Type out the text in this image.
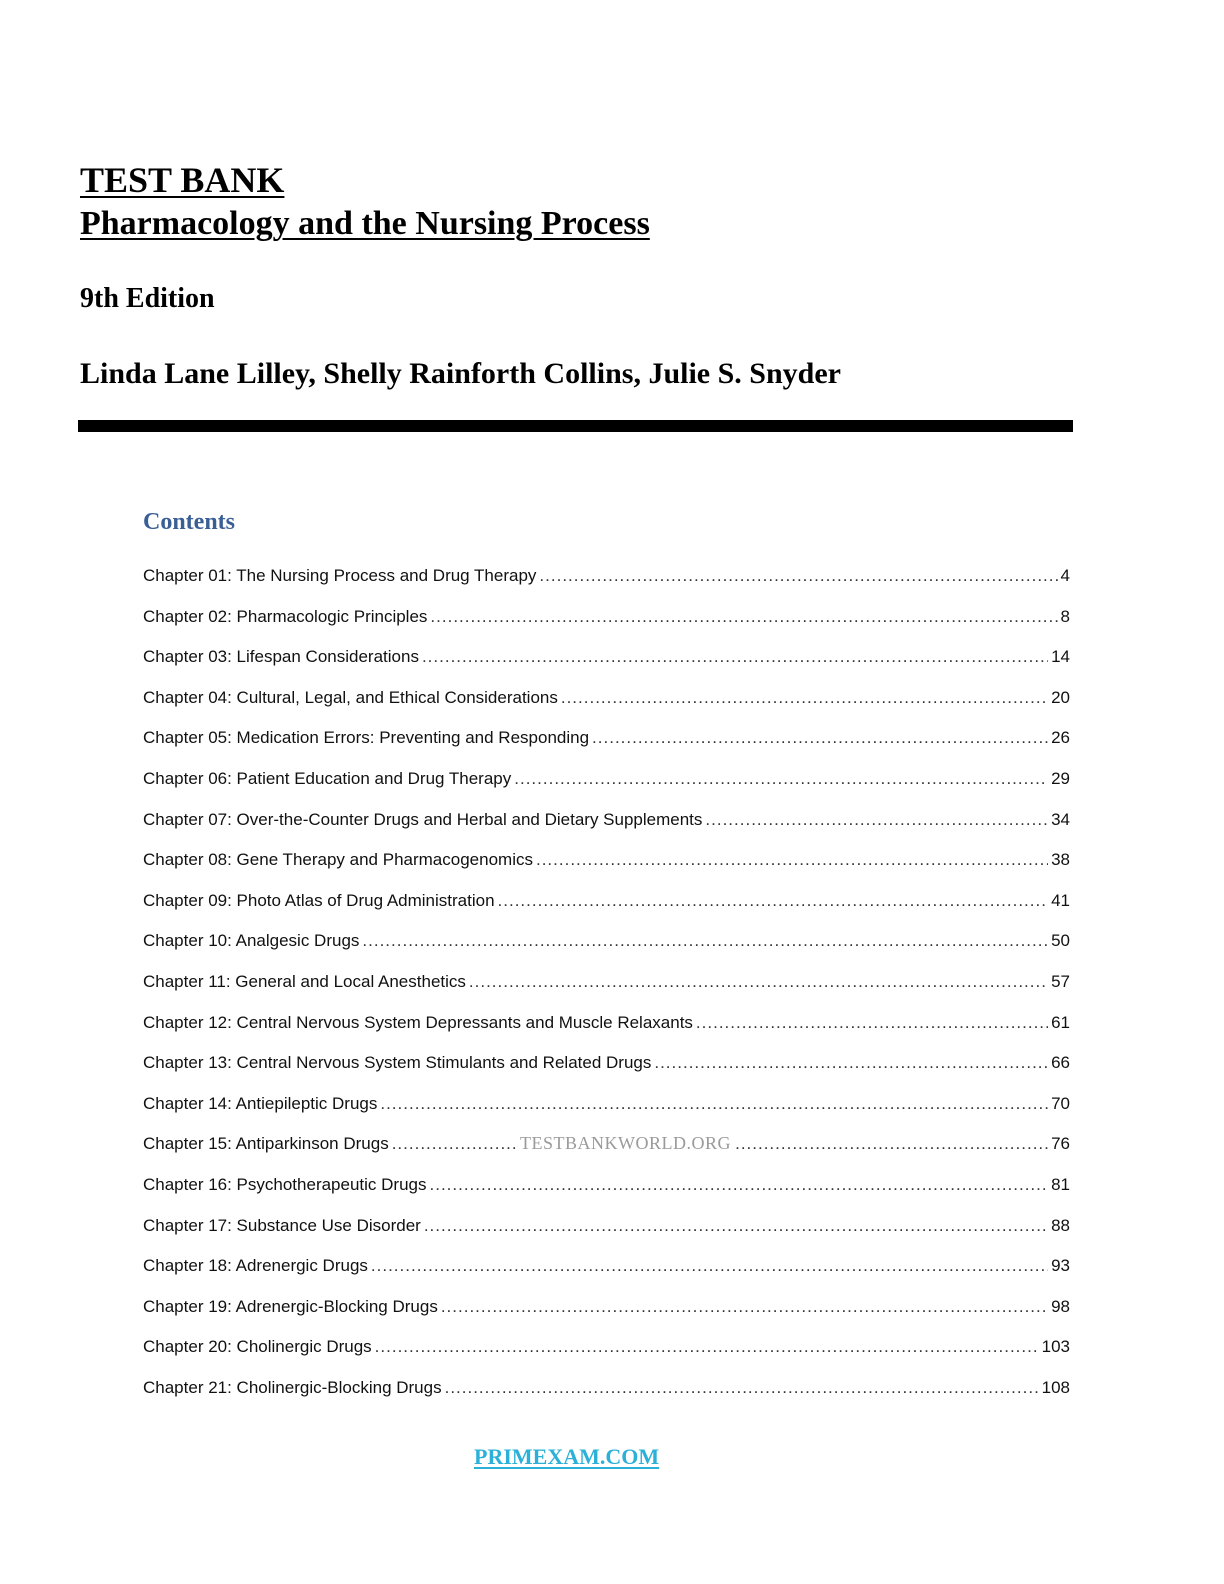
TEST BANK
Pharmacology and the Nursing Process
9th Edition
Linda Lane Lilley, Shelly Rainforth Collins, Julie S. Snyder
Contents
Chapter 01: The Nursing Process and Drug Therapy .....	4
Chapter 02: Pharmacologic Principles .....	8
Chapter 03: Lifespan Considerations .....	14
Chapter 04: Cultural, Legal, and Ethical Considerations .....	20
Chapter 05: Medication Errors: Preventing and Responding .....	26
Chapter 06: Patient Education and Drug Therapy .....	29
Chapter 07: Over-the-Counter Drugs and Herbal and Dietary Supplements .....	34
Chapter 08: Gene Therapy and Pharmacogenomics .....	38
Chapter 09: Photo Atlas of Drug Administration .....	41
Chapter 10: Analgesic Drugs .....	50
Chapter 11: General and Local Anesthetics .....	57
Chapter 12: Central Nervous System Depressants and Muscle Relaxants .....	61
Chapter 13: Central Nervous System Stimulants and Related Drugs .....	66
Chapter 14: Antiepileptic Drugs .....	70
Chapter 15: Antiparkinson Drugs .....	76
Chapter 16: Psychotherapeutic Drugs .....	81
Chapter 17: Substance Use Disorder .....	88
Chapter 18: Adrenergic Drugs .....	93
Chapter 19: Adrenergic-Blocking Drugs .....	98
Chapter 20: Cholinergic Drugs .....	103
Chapter 21: Cholinergic-Blocking Drugs .....	108
TESTBANKWORLD.ORG
PRIMEXAM.COM
